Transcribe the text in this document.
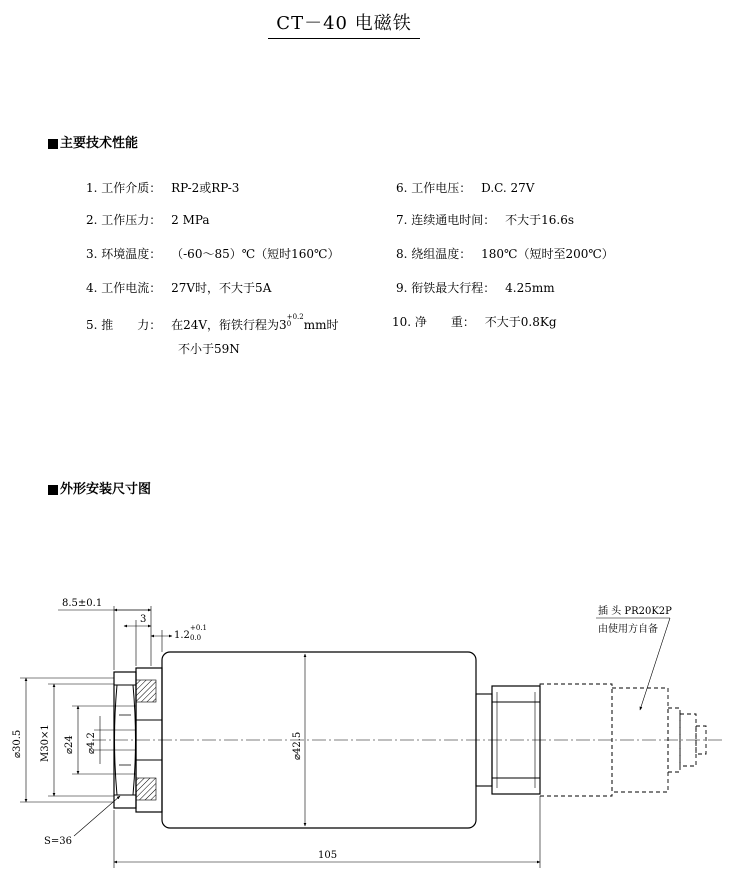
CT－40 电磁铁
主要技术性能
1. 工作介质： RP-2或RP-3
2. 工作压力： 2 MPa
3. 环境温度： （-60～85）℃（短时160℃）
4. 工作电流： 27V时，不大于5A
5. 推　　力： 在24V，衔铁行程为$3^{+0.2 0}$ mm时
不小于59N
6. 工作电压： D.C. 27V
7. 连续通电时间： 不大于16.6s
8. 绕组温度： 180℃（短时至200℃）
9. 衔铁最大行程： 4.25mm
10. 净　　重： 不大于0.8Kg
外形安装尺寸图
8.5±0.1
3
1.2
+0.1
0.0
⌀30.5 M30×1 ⌀24 ⌀4.2	⌀42.5
S=36
105
插 头 PR20K2P
由使用方自备
